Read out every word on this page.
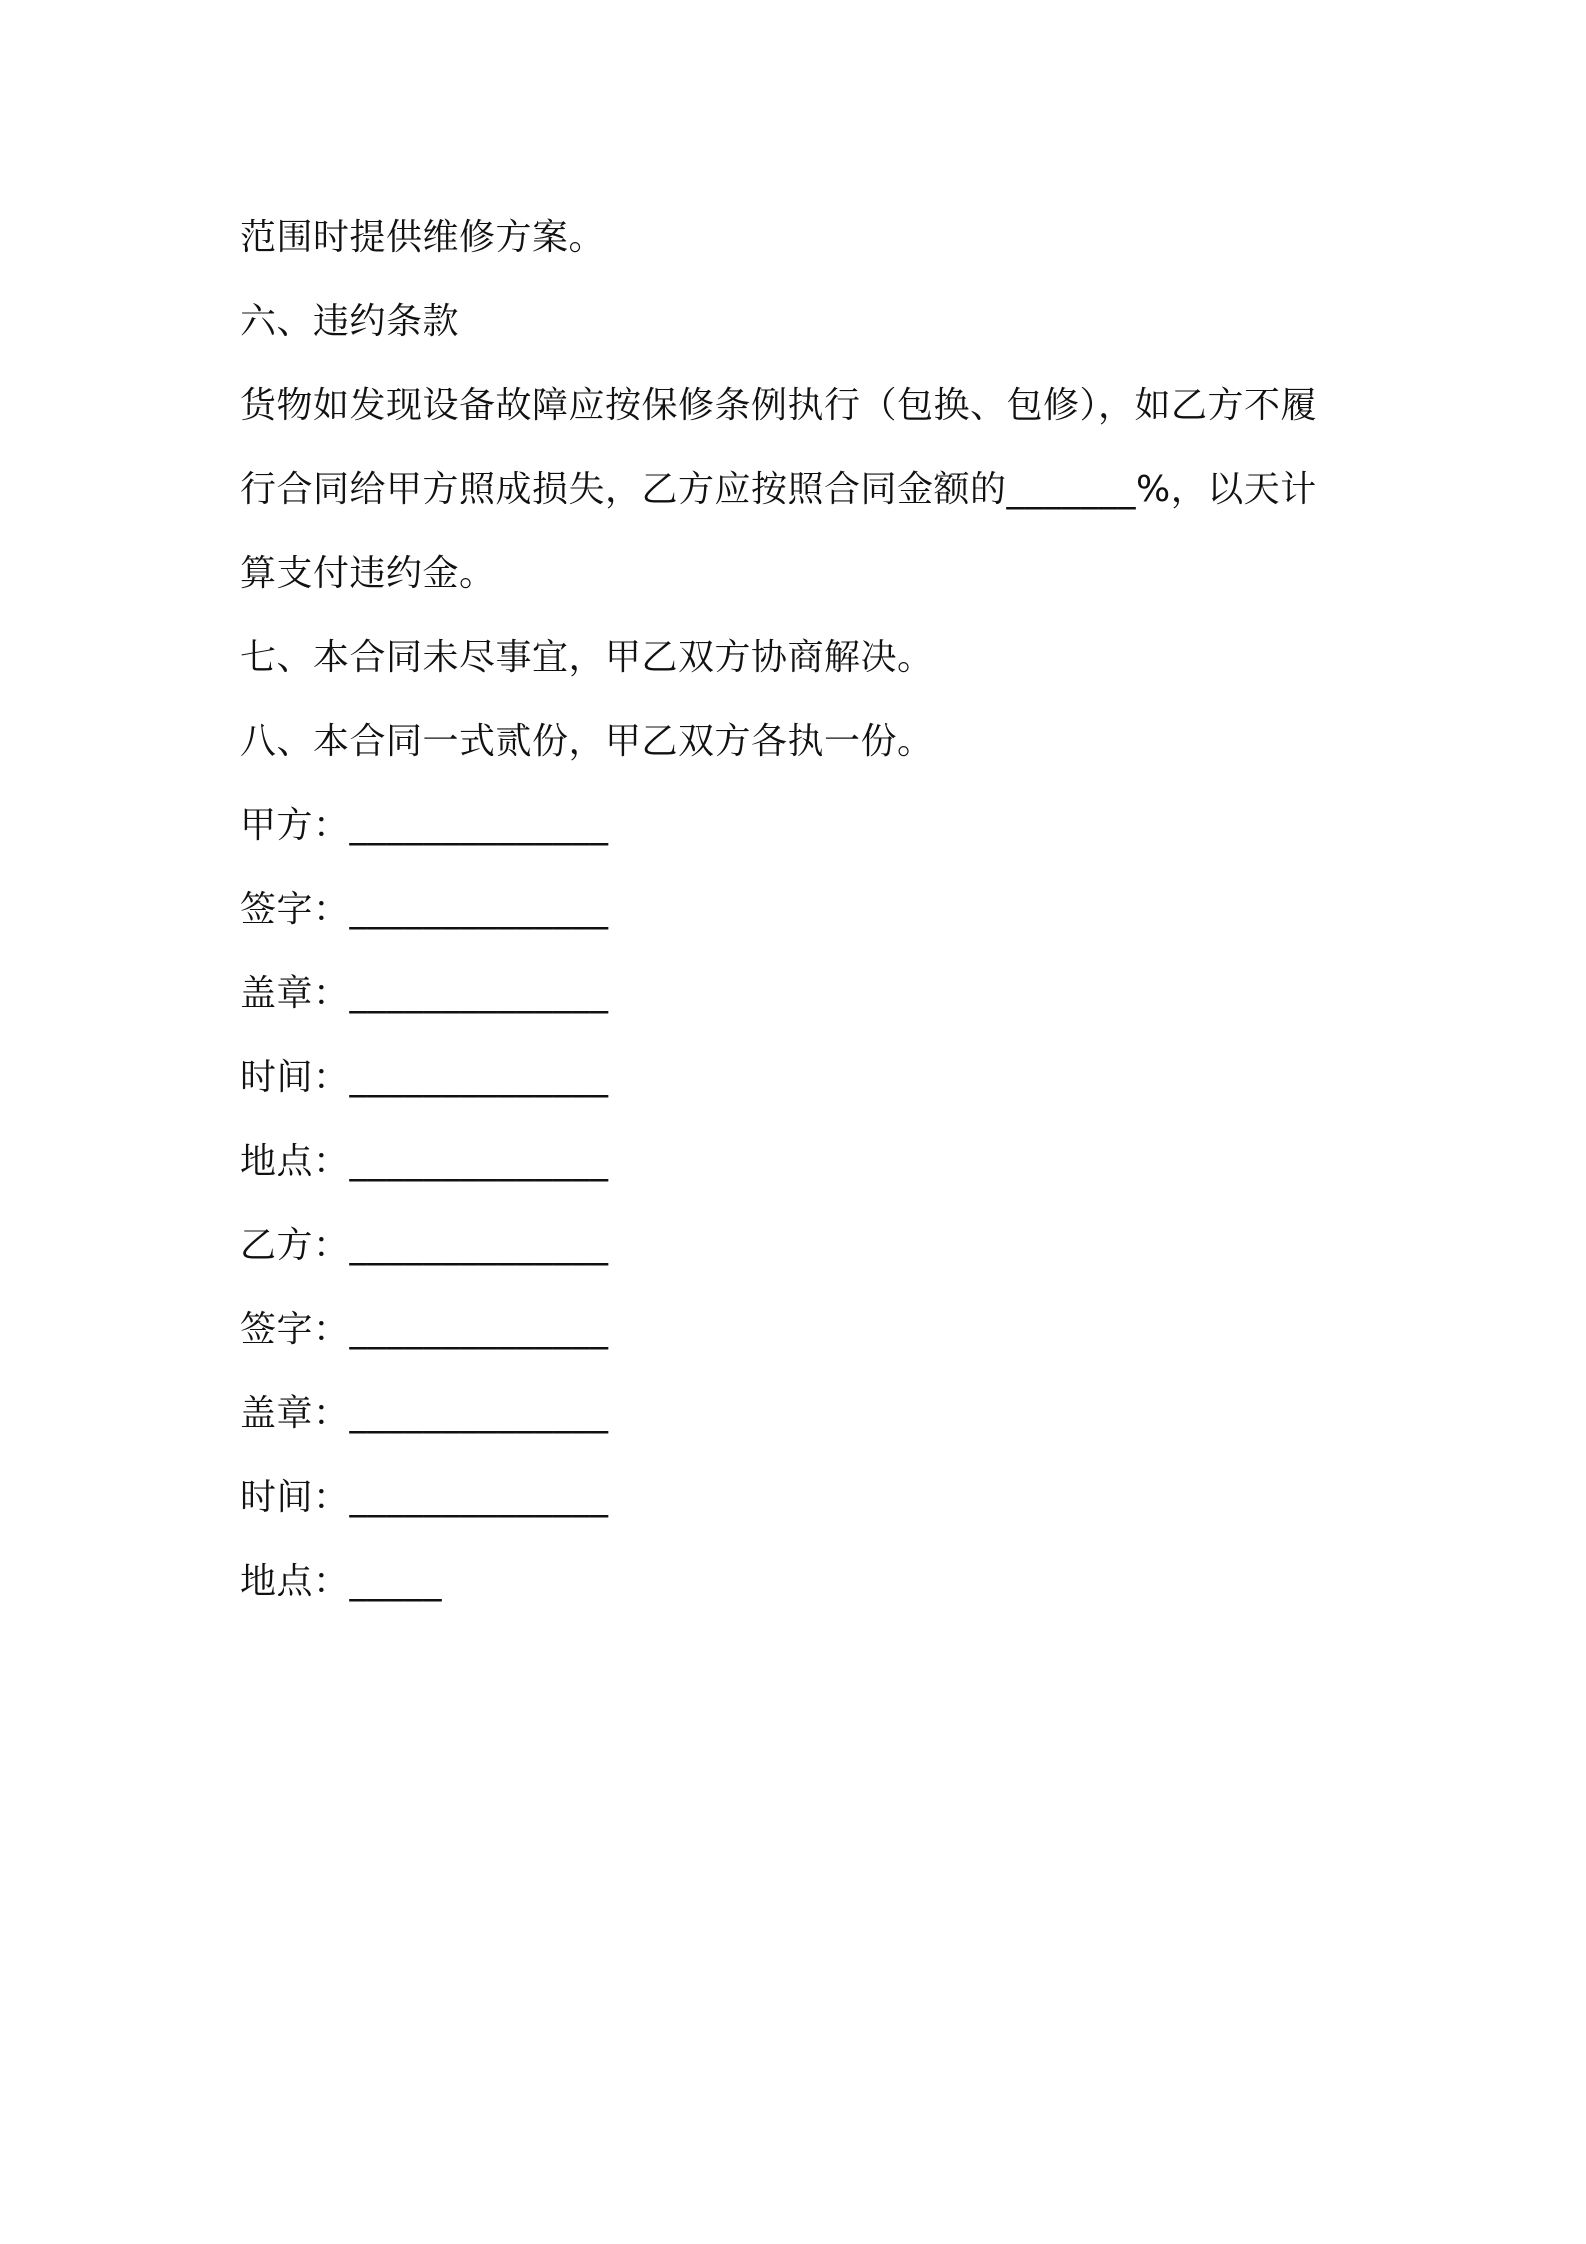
范围时提供维修方案。
六、违约条款
货物如发现设备故障应按保修条例执行（包换、包修），如乙方不履
行合同给甲方照成损失，乙方应按照合同金额的_______%，以天计
算支付违约金。
七、本合同未尽事宜，甲乙双方协商解决。
八、本合同一式贰份，甲乙双方各执一份。
甲方：______________
签字：______________
盖章：______________
时间：______________
地点：______________
乙方：______________
签字：______________
盖章：______________
时间：______________
地点：_____
